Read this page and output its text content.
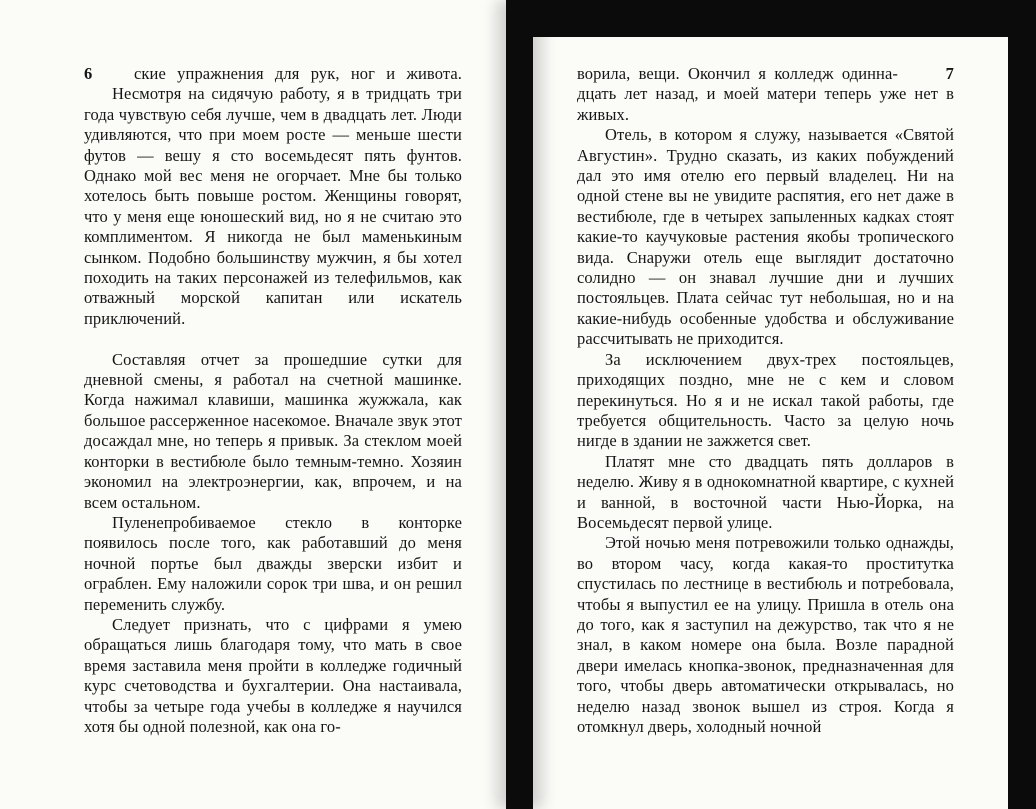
6	ские упражнения для рук, ног и живота.

Несмотря на сидячую работу, я в тридцать три года чувствую себя лучше, чем в двадцать лет. Люди удивляются, что при моем росте — меньше шести футов — вешу я сто восемьдесят пять фунтов. Однако мой вес меня не огорчает. Мне бы только хотелось быть повыше ростом. Женщины говорят, что у меня еще юношеский вид, но я не считаю это комплиментом. Я никогда не был маменькиным сынком. Подобно большинству мужчин, я бы хотел походить на таких персонажей из телефильмов, как отважный морской капитан или искатель приключений.

Составляя отчет за прошедшие сутки для дневной смены, я работал на счетной машинке. Когда нажимал клавиши, машинка жужжала, как большое рассерженное насекомое. Вначале звук этот досаждал мне, но теперь я привык. За стеклом моей конторки в вестибюле было темным-темно. Хозяин экономил на электроэнергии, как, впрочем, и на всем остальном.

Пуленепробиваемое стекло в конторке появилось после того, как работавший до меня ночной портье был дважды зверски избит и ограблен. Ему наложили сорок три шва, и он решил переменить службу.

Следует признать, что с цифрами я умею обращаться лишь благодаря тому, что мать в свое время заставила меня пройти в колледже годичный курс счетоводства и бухгалтерии. Она настаивала, чтобы за четыре года учебы в колледже я научился хотя бы одной полезной, как она го-

ворила, вещи. Окончил я колледж одинна-	7

дцать лет назад, и моей матери теперь уже нет в живых.

Отель, в котором я служу, называется «Святой Августин». Трудно сказать, из каких побуждений дал это имя отелю его первый владелец. Ни на одной стене вы не увидите распятия, его нет даже в вестибюле, где в четырех запыленных кадках стоят какие-то каучуковые растения якобы тропического вида. Снаружи отель еще выглядит достаточно солидно — он знавал лучшие дни и лучших постояльцев. Плата сейчас тут небольшая, но и на какие-нибудь особенные удобства и обслуживание рассчитывать не приходится.

За исключением двух-трех постояльцев, приходящих поздно, мне не с кем и словом перекинуться. Но я и не искал такой работы, где требуется общительность. Часто за целую ночь нигде в здании не зажжется свет.

Платят мне сто двадцать пять долларов в неделю. Живу я в однокомнатной квартире, с кухней и ванной, в восточной части Нью-Йорка, на Восемьдесят первой улице.

Этой ночью меня потревожили только однажды, во втором часу, когда какая-то проститутка спустилась по лестнице в вестибюль и потребовала, чтобы я выпустил ее на улицу. Пришла в отель она до того, как я заступил на дежурство, так что я не знал, в каком номере она была. Возле парадной двери имелась кнопка-звонок, предназначенная для того, чтобы дверь автоматически открывалась, но неделю назад звонок вышел из строя. Когда я отомкнул дверь, холодный ночной
